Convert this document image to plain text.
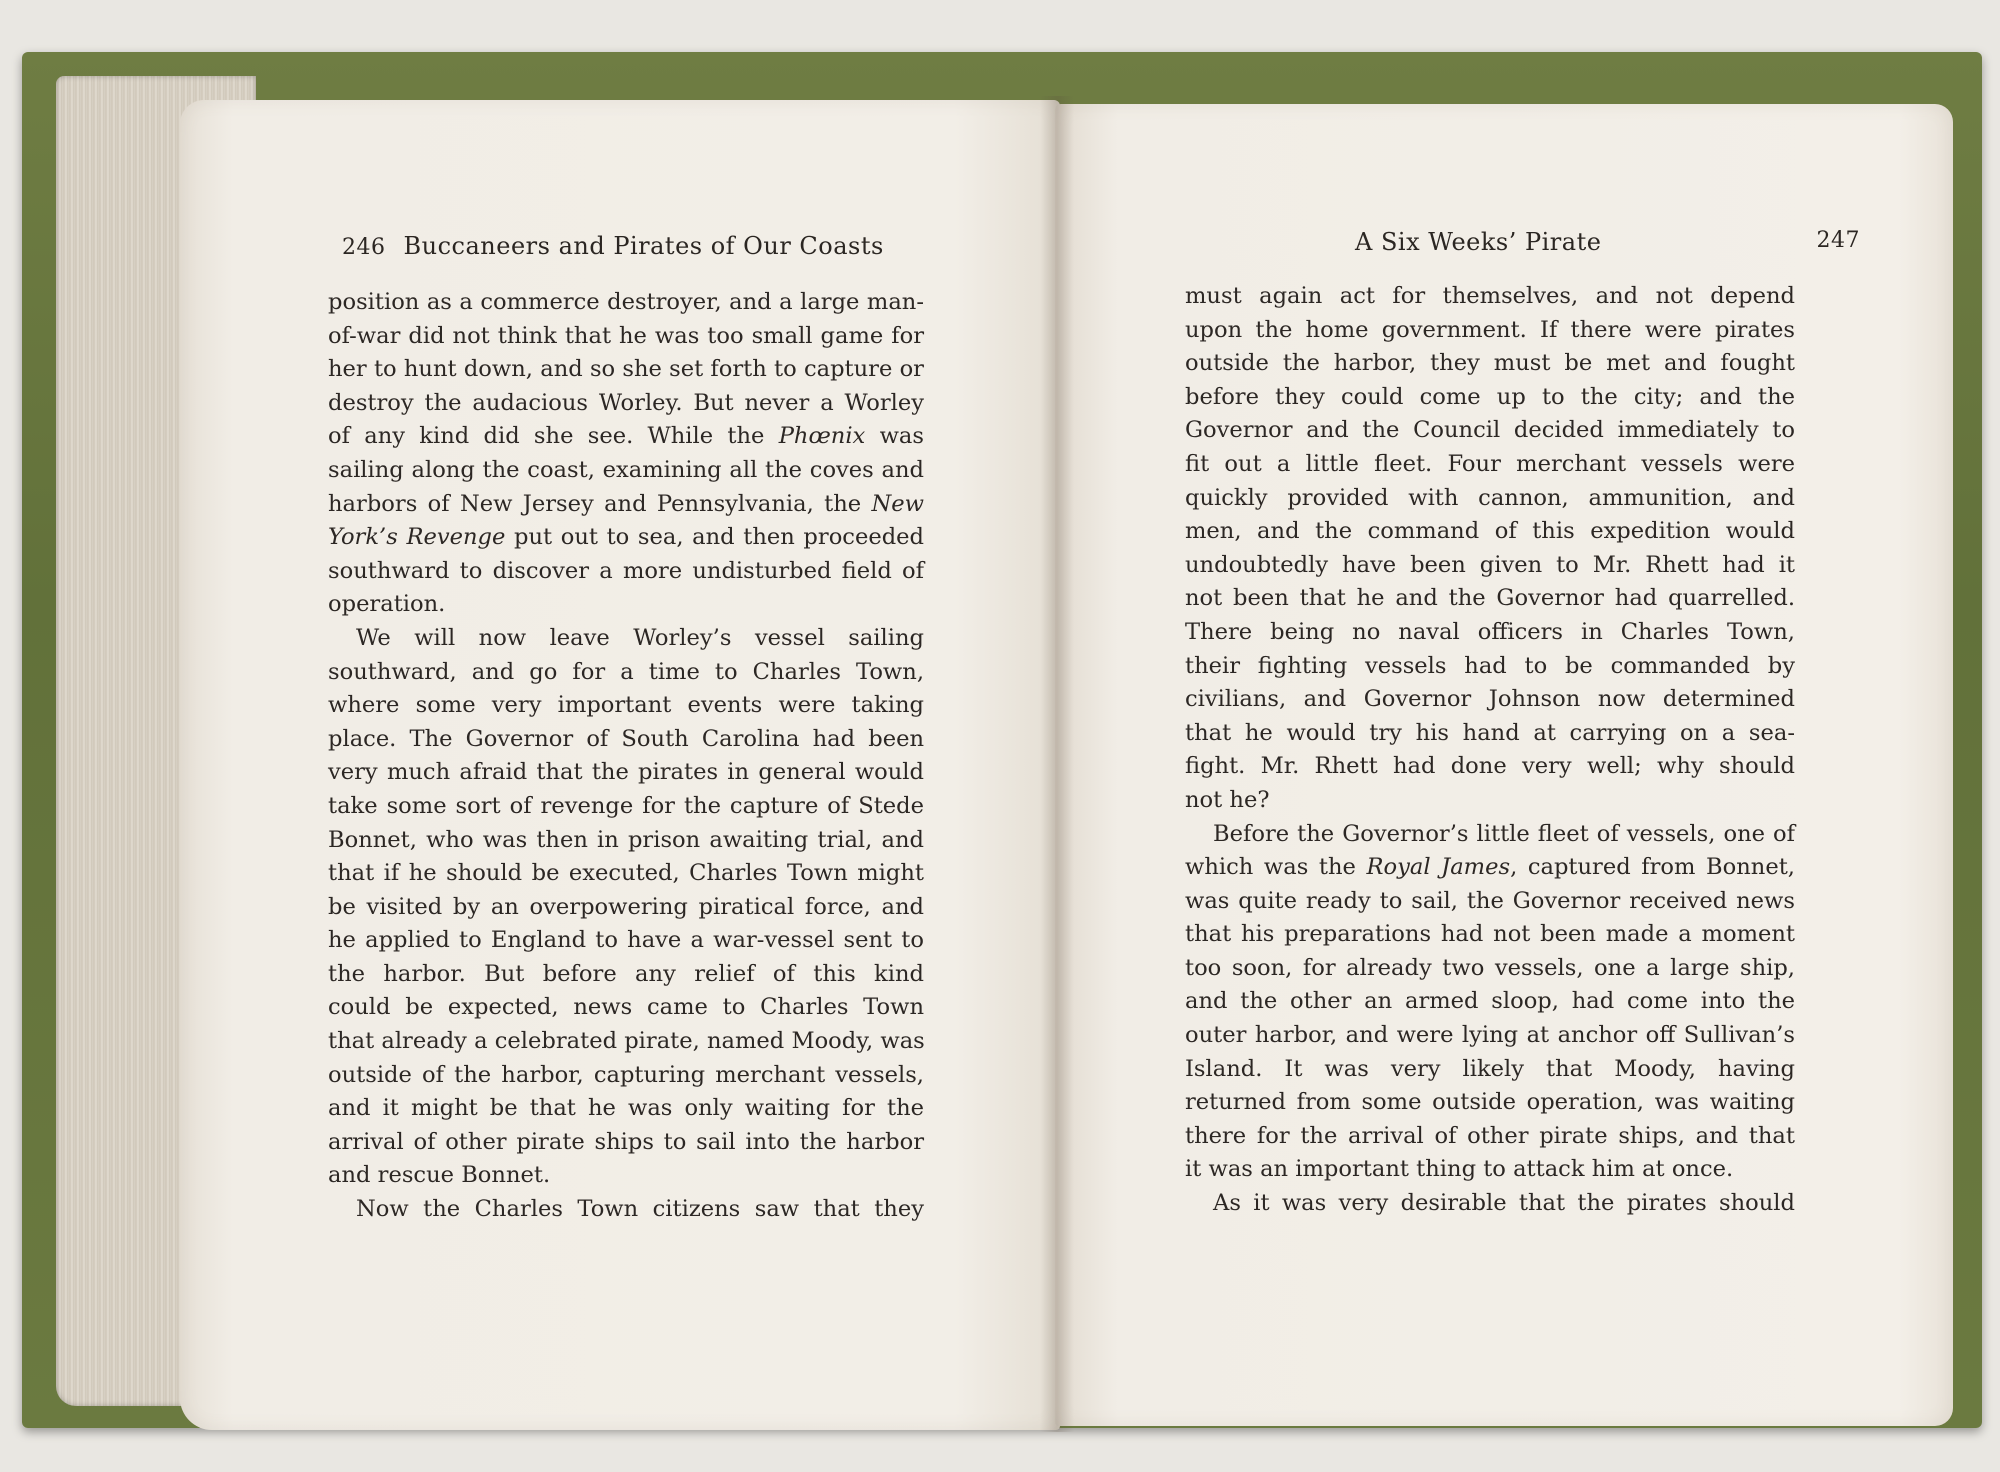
246 Buccaneers and Pirates of Our Coasts
position as a commerce destroyer, and a large man-
of-war did not think that he was too small game for
her to hunt down, and so she set forth to capture or
destroy the audacious Worley. But never a Worley
of any kind did she see. While the Phœnix was
sailing along the coast, examining all the coves and
harbors of New Jersey and Pennsylvania, the New
York’s Revenge put out to sea, and then proceeded
southward to discover a more undisturbed field of
operation.
We will now leave Worley’s vessel sailing
southward, and go for a time to Charles Town,
where some very important events were taking
place. The Governor of South Carolina had been
very much afraid that the pirates in general would
take some sort of revenge for the capture of Stede
Bonnet, who was then in prison awaiting trial, and
that if he should be executed, Charles Town might
be visited by an overpowering piratical force, and
he applied to England to have a war-vessel sent to
the harbor. But before any relief of this kind
could be expected, news came to Charles Town
that already a celebrated pirate, named Moody, was
outside of the harbor, capturing merchant vessels,
and it might be that he was only waiting for the
arrival of other pirate ships to sail into the harbor
and rescue Bonnet.
Now the Charles Town citizens saw that they
A Six Weeks’ Pirate	247
must again act for themselves, and not depend
upon the home government. If there were pirates
outside the harbor, they must be met and fought
before they could come up to the city; and the
Governor and the Council decided immediately to
fit out a little fleet. Four merchant vessels were
quickly provided with cannon, ammunition, and
men, and the command of this expedition would
undoubtedly have been given to Mr. Rhett had it
not been that he and the Governor had quarrelled.
There being no naval officers in Charles Town,
their fighting vessels had to be commanded by
civilians, and Governor Johnson now determined
that he would try his hand at carrying on a sea-
fight. Mr. Rhett had done very well; why should
not he?
Before the Governor’s little fleet of vessels, one of
which was the Royal James, captured from Bonnet,
was quite ready to sail, the Governor received news
that his preparations had not been made a moment
too soon, for already two vessels, one a large ship,
and the other an armed sloop, had come into the
outer harbor, and were lying at anchor off Sullivan’s
Island. It was very likely that Moody, having
returned from some outside operation, was waiting
there for the arrival of other pirate ships, and that
it was an important thing to attack him at once.
As it was very desirable that the pirates should
